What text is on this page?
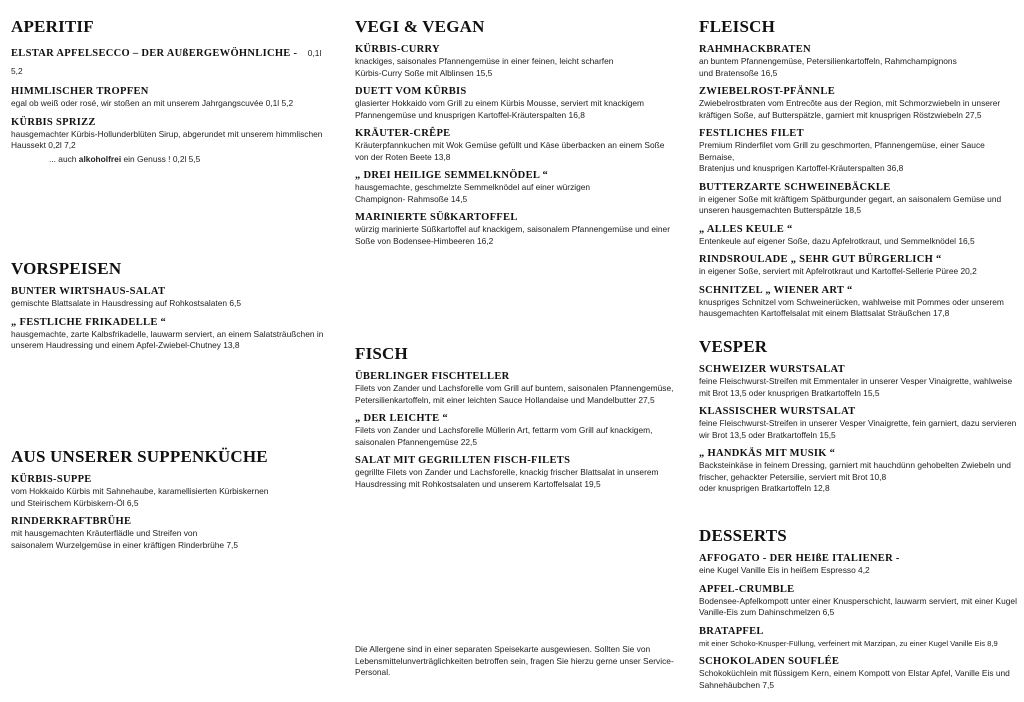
APERITIF
ELSTAR APFELSECCO – DER AUßERGEWÖHNLICHE - 0,1l 5,2
HIMMLISCHER TROPFEN
egal ob weiß oder rosé, wir stoßen an mit unserem Jahrgangscuvée 0,1l 5,2
KÜRBIS SPRIZZ
hausgemachter Kürbis-Hollunderblüten Sirup, abgerundet mit unserem himmlischen
Haussekt 0,2l 7,2
... auch alkoholfrei ein Genuss ! 0,2l 5,5
VORSPEISEN
BUNTER WIRTSHAUS-SALAT
gemischte Blattsalate in Hausdressing auf Rohkostsalaten 6,5
„ FESTLICHE FRIKADELLE “
hausgemachte, zarte Kalbsfrikadelle, lauwarm serviert, an einem Salatsträußchen in
unserem Haudressing und einem Apfel-Zwiebel-Chutney 13,8
AUS UNSERER SUPPENKÜCHE
KÜRBIS-SUPPE
vom Hokkaido Kürbis mit Sahnehaube, karamellisierten Kürbiskernen
und Steirischem Kürbiskern-Öl 6,5
RINDERKRAFTBRÜHE
mit hausgemachten Kräuterflädle und Streifen von
saisonalem Wurzelgemüse in einer kräftigen Rinderbrühe 7,5
VEGI & VEGAN
KÜRBIS-CURRY
knackiges, saisonales Pfannengemüse in einer feinen, leicht scharfen
Kürbis-Curry Soße mit Alblinsen 15,5
DUETT VOM KÜRBIS
glasierter Hokkaido vom Grill zu einem Kürbis Mousse, serviert mit knackigem
Pfannengemüse und knusprigen Kartoffel-Kräuterspalten 16,8
KRÄUTER-CRÊPE
Kräuterpfannkuchen mit Wok Gemüse gefüllt und Käse überbacken an einem Soße
von der Roten Beete 13,8
„ DREI HEILIGE SEMMELKNÖDEL “
hausgemachte, geschmelzte Semmelknödel auf einer würzigen
Champignon- Rahmsoße 14,5
MARINIERTE SÜßKARTOFFEL
würzig marinierte Süßkartoffel auf knackigem, saisonalem Pfannengemüse und einer
Soße von Bodensee-Himbeeren 16,2
FISCH
ÜBERLINGER FISCHTELLER
Filets von Zander und Lachsforelle vom Grill auf buntem, saisonalen Pfannengemüse,
Petersilienkartoffeln, mit einer leichten Sauce Hollandaise und Mandelbutter 27,5
„ DER LEICHTE “
Filets von Zander und Lachsforelle Müllerin Art, fettarm vom Grill auf knackigem,
saisonalen Pfannengemüse 22,5
SALAT MIT GEGRILLTEN FISCH-FILETS
gegrillte Filets von Zander und Lachsforelle, knackig frischer Blattsalat in unserem
Hausdressing mit Rohkostsalaten und unserem Kartoffelsalat 19,5
Die Allergene sind in einer separaten Speisekarte ausgewiesen. Sollten Sie von
Lebensmittelunverträglichkeiten betroffen sein, fragen Sie hierzu gerne unser Service-
Personal.
FLEISCH
RAHMHACKBRATEN
an buntem Pfannengemüse, Petersilienkartoffeln, Rahmchampignons
und Bratensoße 16,5
ZWIEBELROST-PFÄNNLE
Zwiebelrostbraten vom Entrecôte aus der Region, mit Schmorzwiebeln in unserer
kräftigen Soße, auf Butterspätzle, garniert mit knusprigen Röstzwiebeln 27,5
FESTLICHES FILET
Premium Rinderfilet vom Grill zu geschmorten, Pfannengemüse, einer Sauce Bernaise,
Bratenjus und knusprigen Kartoffel-Kräuterspalten 36,8
BUTTERZARTE SCHWEINEBÄCKLE
in eigener Soße mit kräftigem Spätburgunder gegart, an saisonalem Gemüse und
unseren hausgemachten Butterspätzle 18,5
„ ALLES KEULE “
Entenkeule auf eigener Soße, dazu Apfelrotkraut, und Semmelknödel 16,5
RINDSROULADE „ SEHR GUT BÜRGERLICH “
in eigener Soße, serviert mit Apfelrotkraut und Kartoffel-Sellerie Püree 20,2
SCHNITZEL „ WIENER ART “
knuspriges Schnitzel vom Schweinerücken, wahlweise mit Pommes oder unserem
hausgemachten Kartoffelsalat mit einem Blattsalat Sträußchen 17,8
VESPER
SCHWEIZER WURSTSALAT
feine Fleischwurst-Streifen mit Emmentaler in unserer Vesper Vinaigrette, wahlweise
mit Brot 13,5 oder knusprigen Bratkartoffeln 15,5
KLASSISCHER WURSTSALAT
feine Fleischwurst-Streifen in unserer Vesper Vinaigrette, fein garniert, dazu servieren
wir Brot 13,5 oder Bratkartoffeln 15,5
„ HANDKÄS MIT MUSIK “
Backsteinkäse in feinem Dressing, garniert mit hauchdünn gehobelten Zwiebeln und
frischer, gehackter Petersilie, serviert mit Brot 10,8
oder knusprigen Bratkartoffeln 12,8
DESSERTS
AFFOGATO - DER HEIßE ITALIENER -
eine Kugel Vanille Eis in heißem Espresso 4,2
APFEL-CRUMBLE
Bodensee-Apfelkompott unter einer Knusperschicht, lauwarm serviert, mit einer Kugel
Vanille-Eis zum Dahinschmelzen 6,5
BRATAPFEL
mit einer Schoko-Knusper-Füllung, verfeinert mit Marzipan, zu einer Kugel Vanille Eis 8,9
SCHOKOLADEN SOUFLÉE
Schokoküchlein mit flüssigem Kern, einem Kompott von Elstar Apfel, Vanille Eis und
Sahnehäubchen 7,5
